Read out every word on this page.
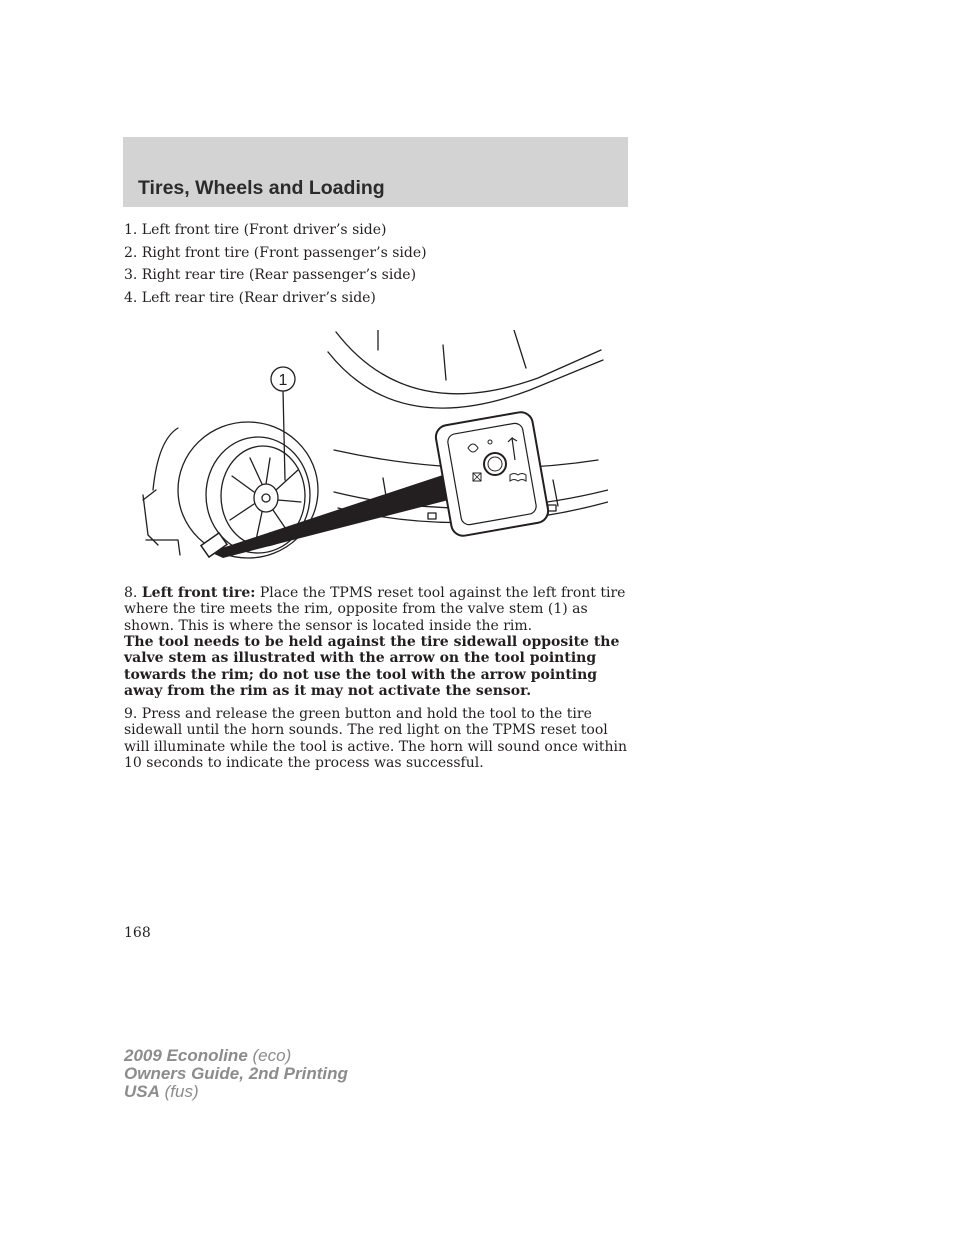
Tires, Wheels and Loading
1. Left front tire (Front driver’s side)
2. Right front tire (Front passenger’s side)
3. Right rear tire (Rear passenger’s side)
4. Left rear tire (Rear driver’s side)
1

8. Left front tire: Place the TPMS reset tool against the left front tire where the tire meets the rim, opposite from the valve stem (1) as shown. This is where the sensor is located inside the rim.

The tool needs to be held against the tire sidewall opposite the valve stem as illustrated with the arrow on the tool pointing towards the rim; do not use the tool with the arrow pointing away from the rim as it may not activate the sensor.

9. Press and release the green button and hold the tool to the tire sidewall until the horn sounds. The red light on the TPMS reset tool will illuminate while the tool is active. The horn will sound once within 10 seconds to indicate the process was successful.

168
2009 Econoline (eco)
Owners Guide, 2nd Printing
USA (fus)
